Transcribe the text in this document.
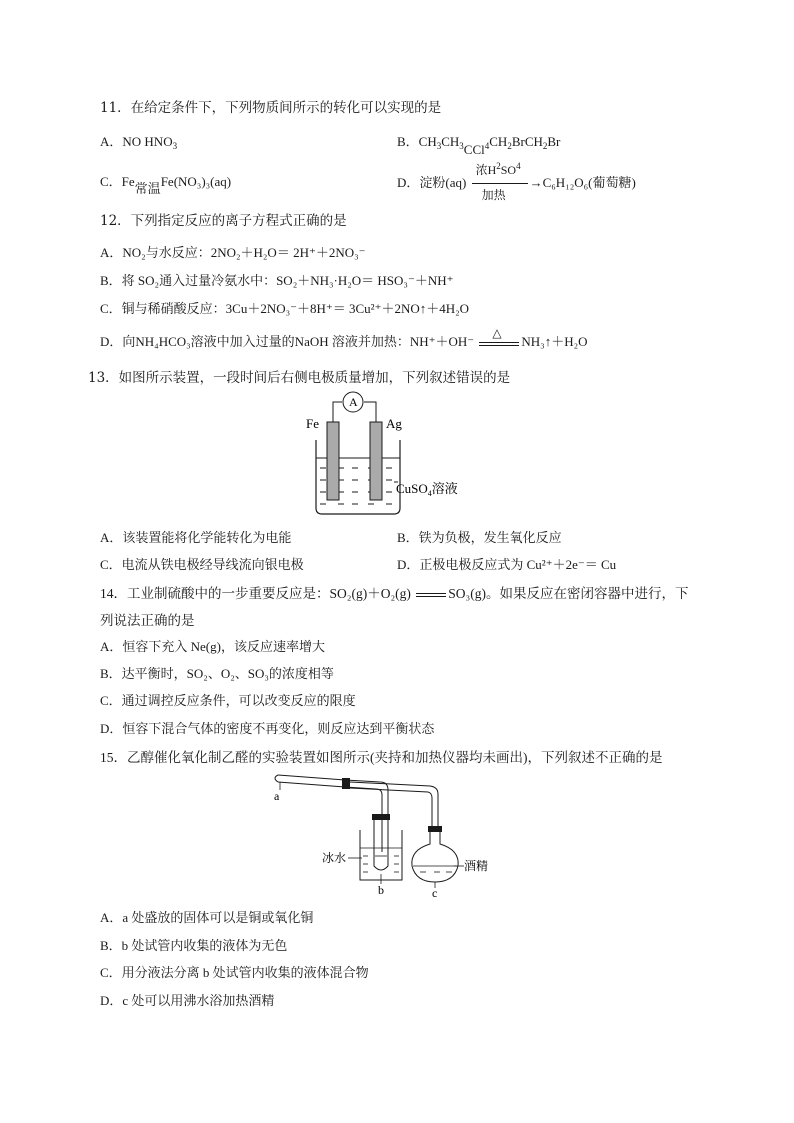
11．在给定条件下，下列物质间所示的转化可以实现的是
A．NO $HNO_3$	B．$CH_3CH_3CCl^4CH_2BrCH_2Br$
C．Fe常温Fe(NO₃)₃(aq)	D．淀粉(aq)
浓$H^2SO^4$
加热
→C₆H₁₂O₆(葡萄糖)
12．下列指定反应的离子方程式正确的是
A．NO₂与水反应：2NO₂＋H₂O＝ 2H⁺＋2NO₃⁻
B．将 SO₂通入过量冷氨水中：SO₂＋NH₃·H₂O＝ HSO₃⁻＋NH⁺
C．铜与稀硝酸反应：3Cu＋2NO₃⁻＋8H⁺＝ 3Cu²⁺＋2NO↑＋4H₂O
D．向NH₄HCO₃溶液中加入过量的NaOH 溶液并加热：NH⁺＋OH⁻
△
NH₃↑＋H₂O
13．如图所示装置，一段时间后右侧电极质量增加，下列叙述错误的是
A
Fe	Ag
CuSO$_4$溶液
A．该装置能将化学能转化为电能	B．铁为负极，发生氧化反应
C．电流从铁电极经导线流向银电极	D．正极电极反应式为 Cu²⁺＋2e⁻＝ Cu
14．工业制硫酸中的一步重要反应是：SO₂(g)＋O₂(g)	SO₃(g)。如果反应在密闭容器中进行，下
列说法正确的是
A．恒容下充入 Ne(g)，该反应速率增大
B．达平衡时，SO₂、O₂、SO₃的浓度相等
C．通过调控反应条件，可以改变反应的限度
D．恒容下混合气体的密度不再变化，则反应达到平衡状态
15．乙醇催化氧化制乙醛的实验装置如图所示(夹持和加热仪器均未画出)，下列叙述不正确的是
a
b
冰水
酒精
c
A．a 处盛放的固体可以是铜或氧化铜
B．b 处试管内收集的液体为无色
C．用分液法分离 b 处试管内收集的液体混合物
D．c 处可以用沸水浴加热酒精
